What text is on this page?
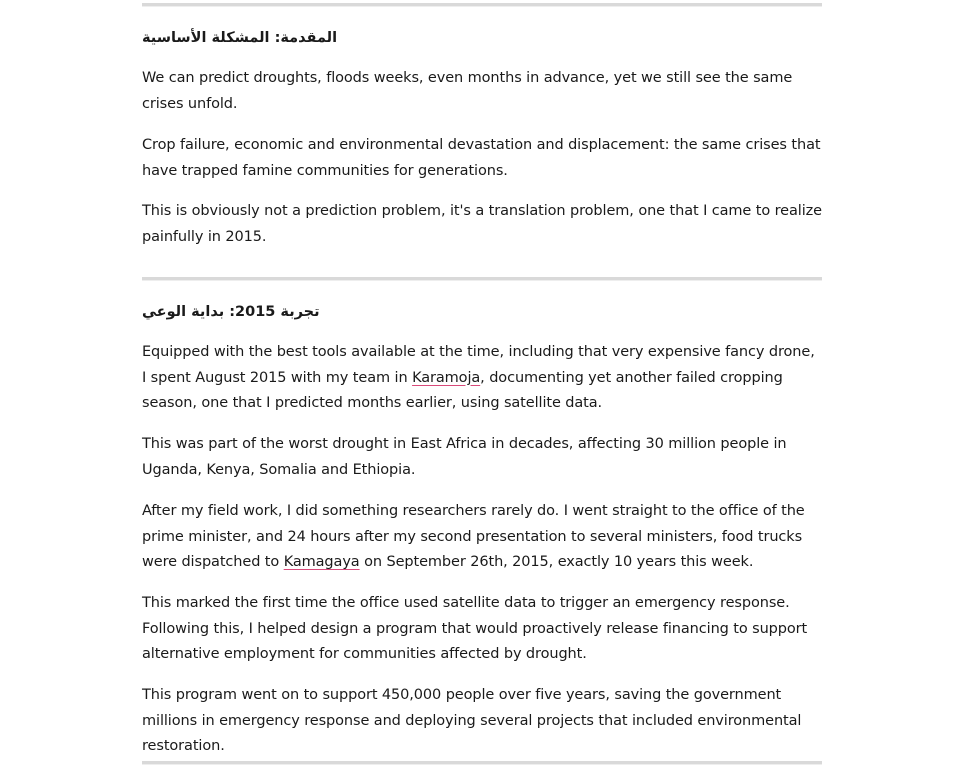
المقدمة: المشكلة الأساسية

We can predict droughts, floods weeks, even months in advance, yet we still see the same crises unfold.

Crop failure, economic and environmental devastation and displacement: the same crises that have trapped famine communities for generations.

This is obviously not a prediction problem, it's a translation problem, one that I came to realize painfully in 2015.

تجربة 2015: بداية الوعي

Equipped with the best tools available at the time, including that very expensive fancy drone, I spent August 2015 with my team in Karamoja, documenting yet another failed cropping season, one that I predicted months earlier, using satellite data.

This was part of the worst drought in East Africa in decades, affecting 30 million people in Uganda, Kenya, Somalia and Ethiopia.

After my field work, I did something researchers rarely do. I went straight to the office of the prime minister, and 24 hours after my second presentation to several ministers, food trucks were dispatched to Kamagaya on September 26th, 2015, exactly 10 years this week.

This marked the first time the office used satellite data to trigger an emergency response. Following this, I helped design a program that would proactively release financing to support alternative employment for communities affected by drought.

This program went on to support 450,000 people over five years, saving the government millions in emergency response and deploying several projects that included environmental restoration.
